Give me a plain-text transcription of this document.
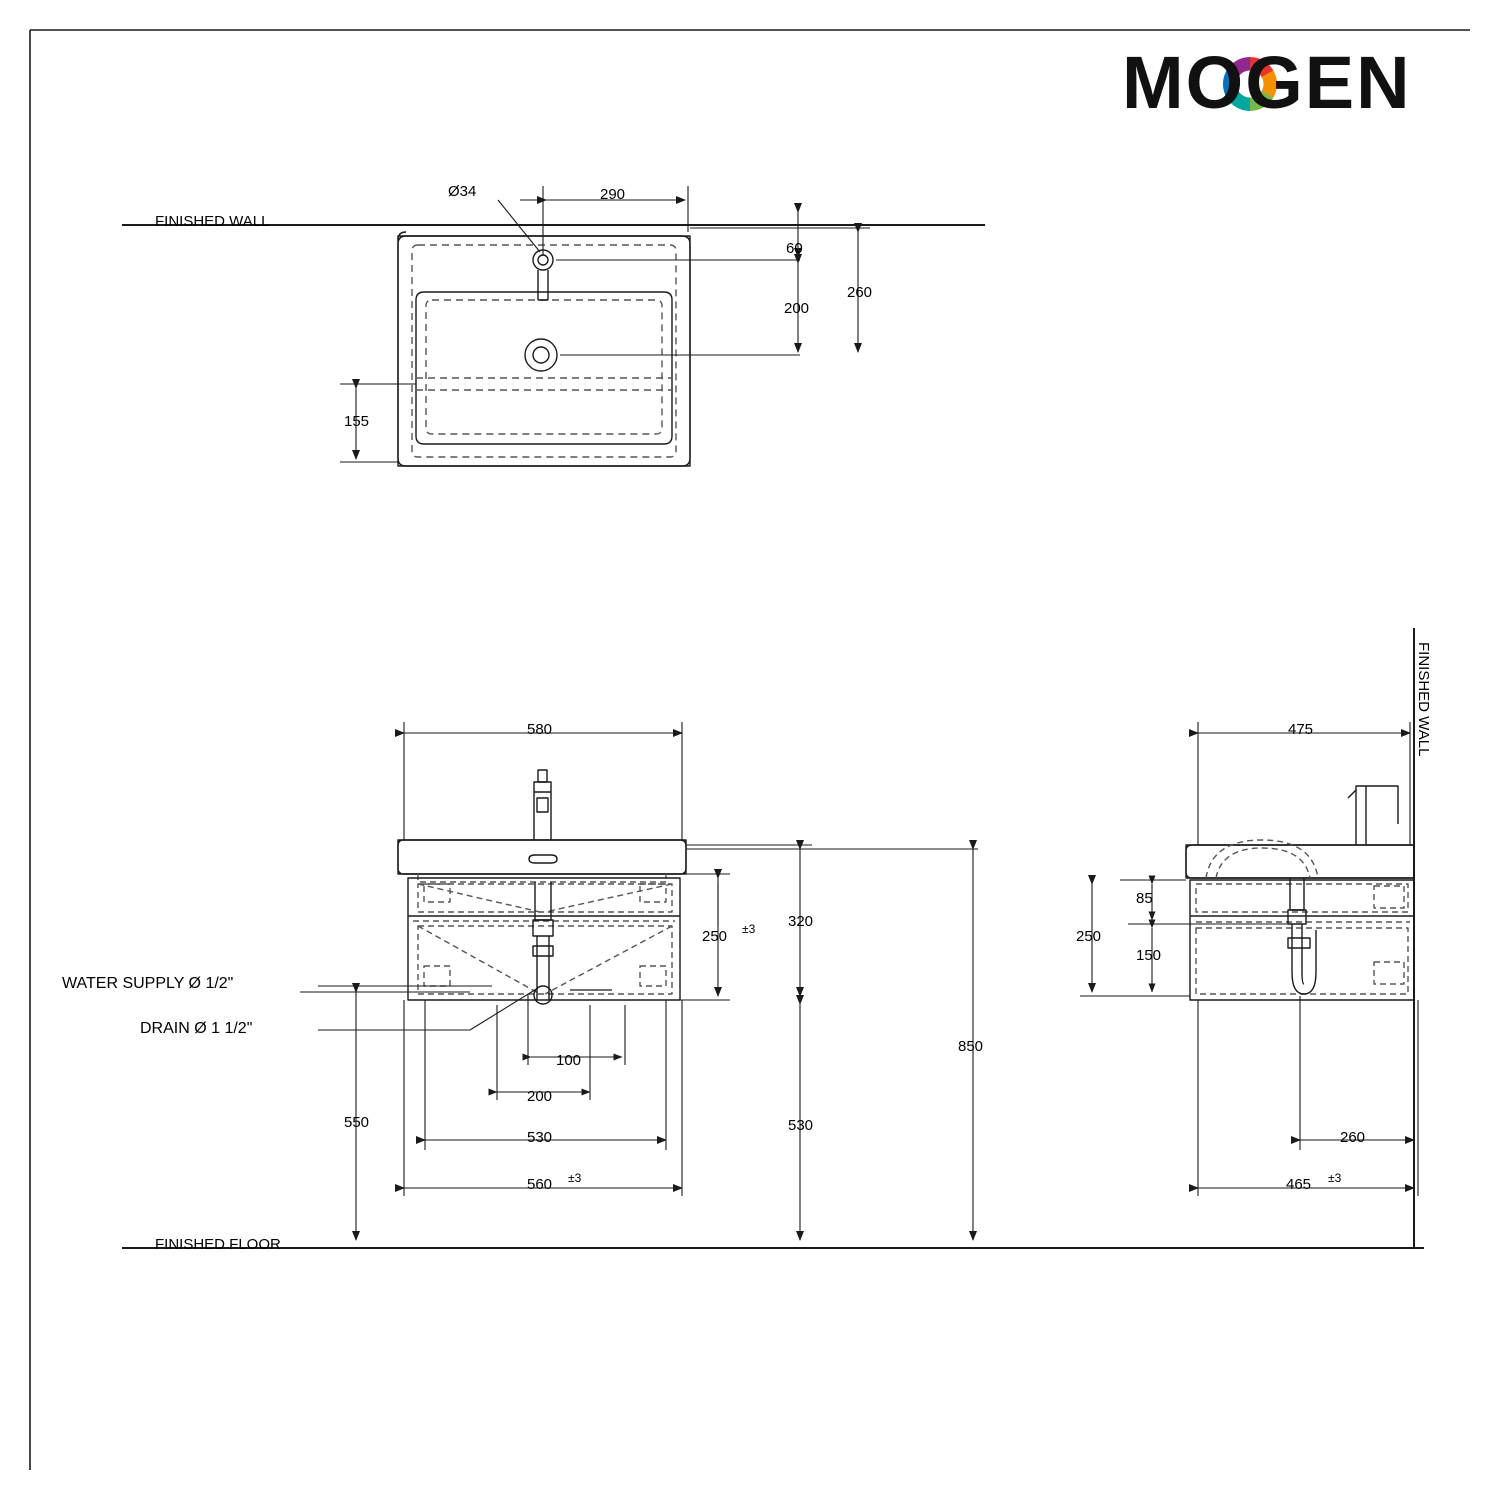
MOGEN
FINISHED WALL
Ø34	290
60
200
260
155
580
250 ±3 320
100
200
530
560 ±3
550	530
850
WATER SUPPLY Ø 1/2"
DRAIN Ø 1 1/2"
FINISHED FLOOR
475
85
250
150
260
465 ±3
FINISHED WALL
